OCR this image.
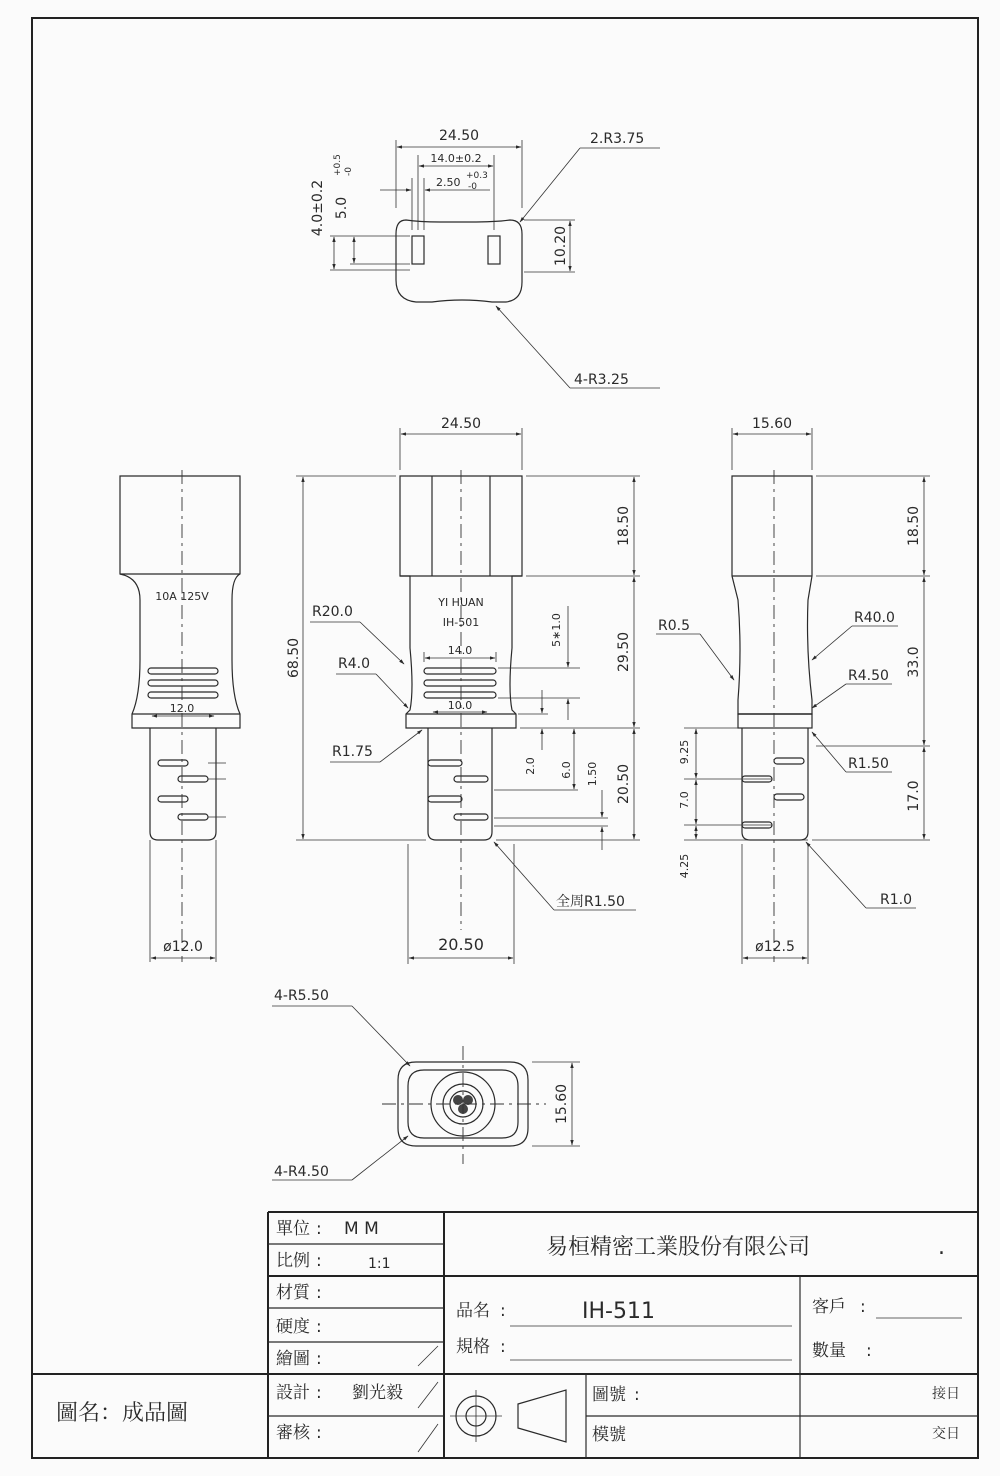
24.50
14.0±0.2
2.50 +0.3
-0
10.20
4.0±0.2 5.0
+0.5 -0
2.R3.75
4-R3.25
10A 125V
12.0
ø12.0
YI HUAN
IH-501
24.50
14.0
10.0
68.50
18.50
29.50
20.50
5∗1.0
2.0 6.0 1.50
R20.0
R4.0
R1.75
全周R1.50
20.50
15.60
18.50
33.0
9.25
7.0
4.25
17.0
R0.5	R40.0
R4.50
R1.50
R1.0
ø12.5
15.60
4-R5.50
4-R4.50
單位 : M M
比例 :	1:1
材質 :
硬度 :
繪圖 :
設計 : 劉光毅
審核 :
易桓精密工業股份有限公司	.
品名 :	IH-511
規格 :
客戶 :
數量 :
圖名：成品圖
圖號 :
模號
接日
交日
